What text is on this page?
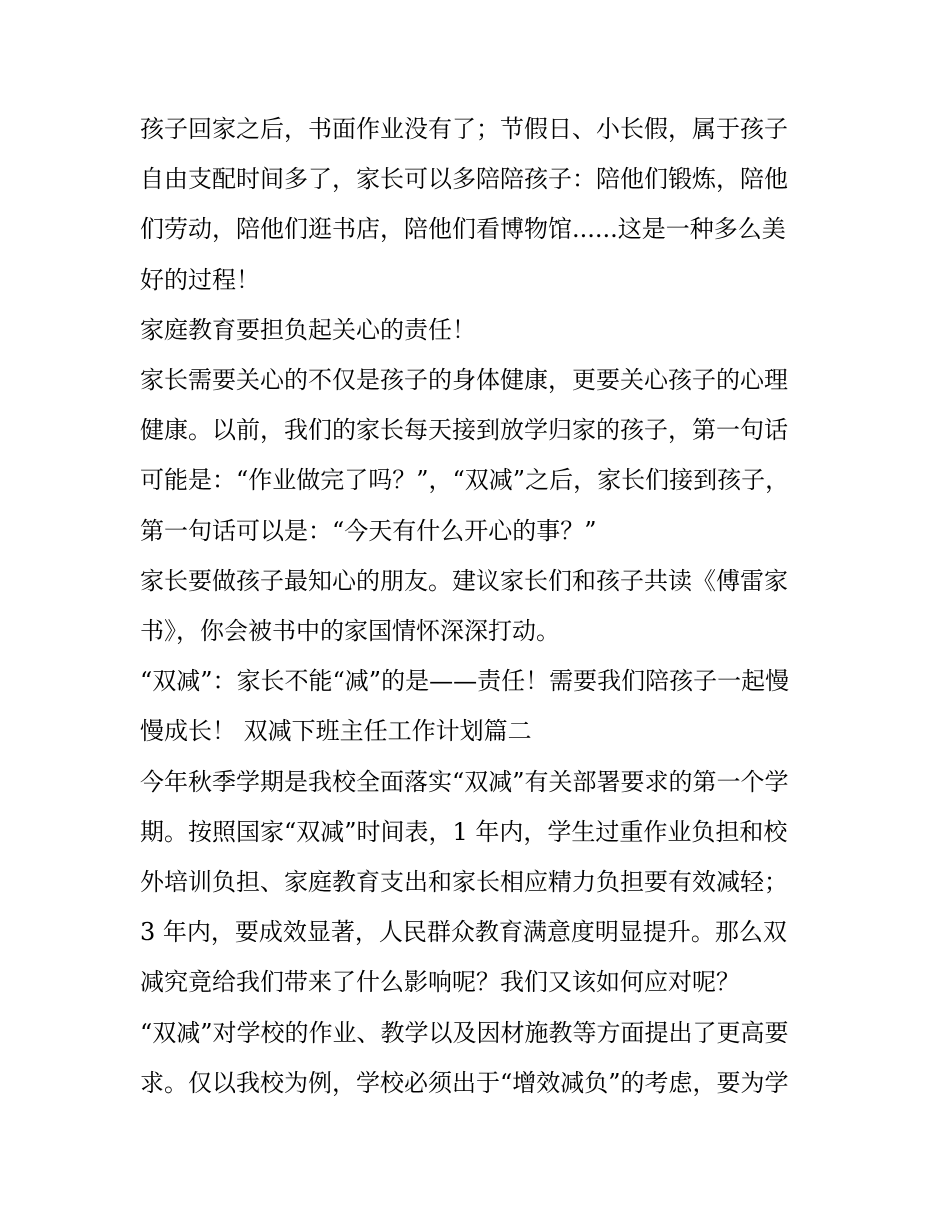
孩子回家之后，书面作业没有了；节假日、小长假，属于孩子

自由支配时间多了，家长可以多陪陪孩子：陪他们锻炼，陪他

们劳动，陪他们逛书店，陪他们看博物馆......这是一种多么美

好的过程！

家庭教育要担负起关心的责任！

家长需要关心的不仅是孩子的身体健康，更要关心孩子的心理

健康。以前，我们的家长每天接到放学归家的孩子，第一句话

可能是：“作业做完了吗？”，“双减”之后，家长们接到孩子，

第一句话可以是：“今天有什么开心的事？”

家长要做孩子最知心的朋友。建议家长们和孩子共读《傅雷家

书》，你会被书中的家国情怀深深打动。

“双减”：家长不能“减”的是——责任！需要我们陪孩子一起慢

慢成长！ 双减下班主任工作计划篇二

今年秋季学期是我校全面落实“双减”有关部署要求的第一个学

期。按照国家“双减”时间表，1 年内，学生过重作业负担和校

外培训负担、家庭教育支出和家长相应精力负担要有效减轻；

3 年内，要成效显著，人民群众教育满意度明显提升。那么双

减究竟给我们带来了什么影响呢？我们又该如何应对呢？

“双减”对学校的作业、教学以及因材施教等方面提出了更高要

求。仅以我校为例，学校必须出于“增效减负”的考虑，要为学
